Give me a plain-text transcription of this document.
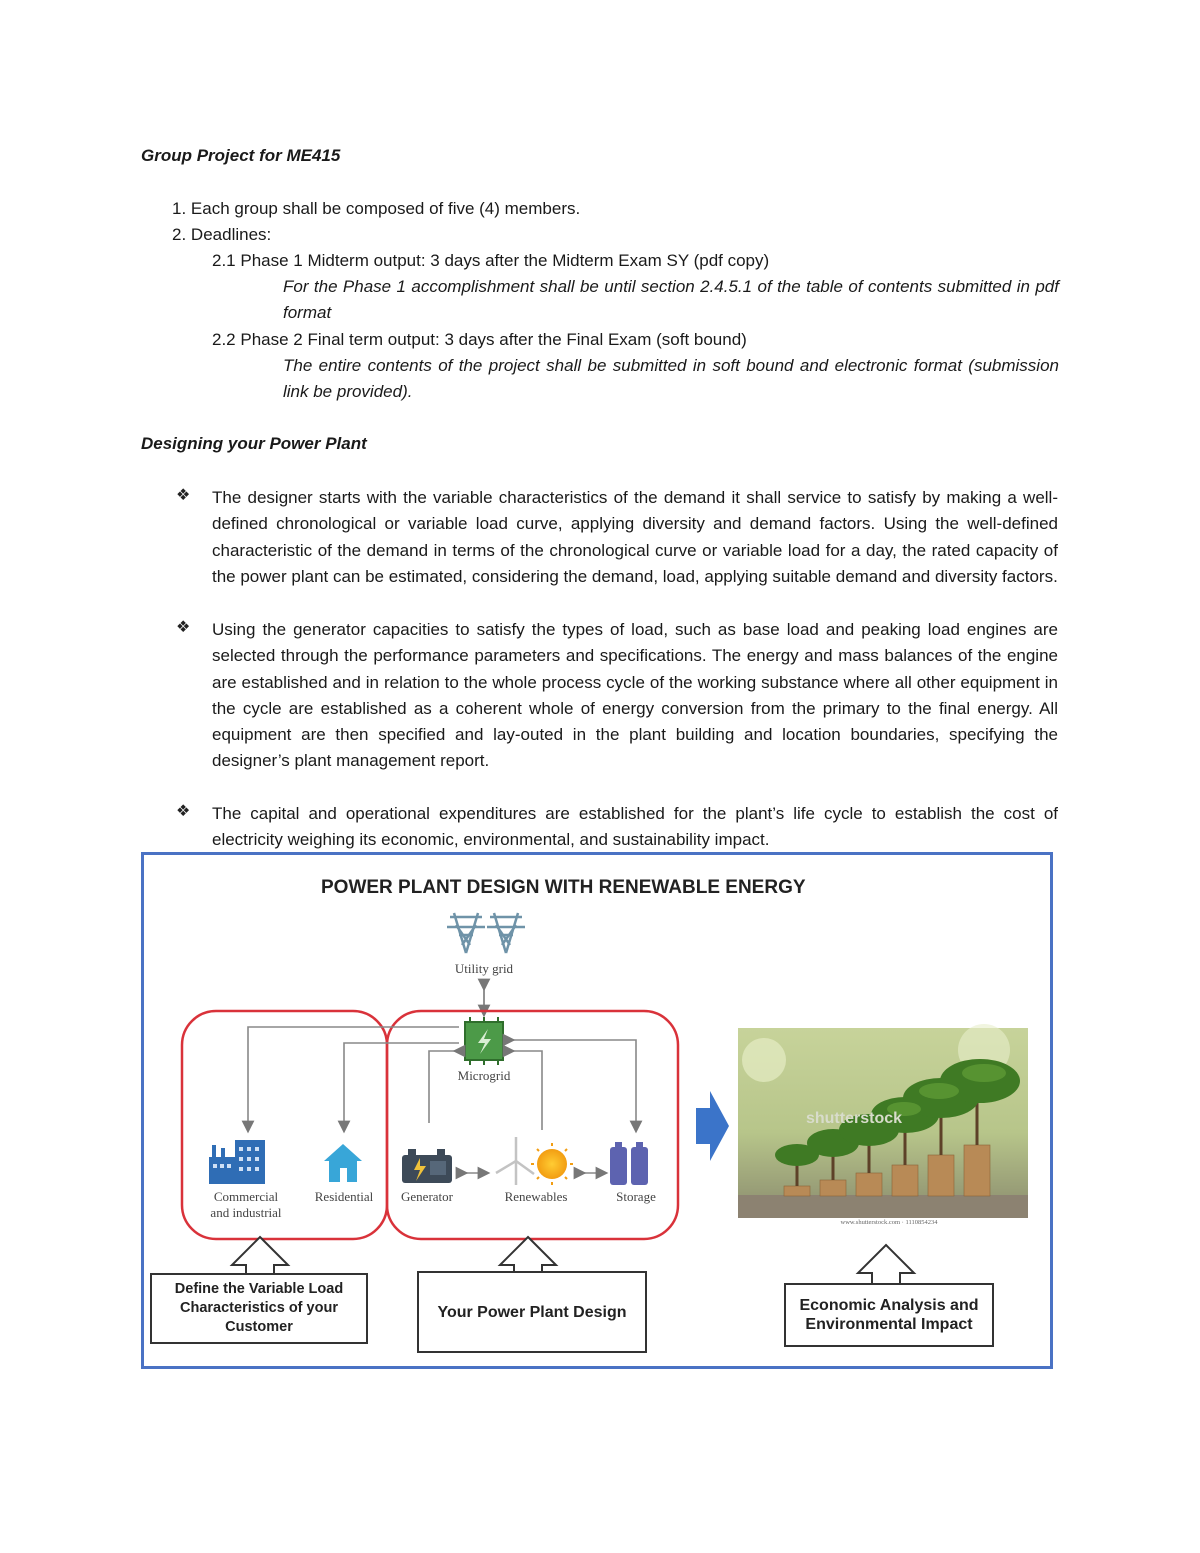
Group Project for ME415
1. Each group shall be composed of five (4) members.
2. Deadlines:
2.1 Phase 1 Midterm output: 3 days after the Midterm Exam SY (pdf copy)
For the Phase 1 accomplishment shall be until section 2.4.5.1 of the table of contents submitted in pdf format
2.2 Phase 2 Final term output: 3 days after the Final Exam (soft bound)
The entire contents of the project shall be submitted in soft bound and electronic format (submission link be provided).
Designing your Power Plant
❖ The designer starts with the variable characteristics of the demand it shall service to satisfy by making a well-defined chronological or variable load curve, applying diversity and demand factors. Using the well-defined characteristic of the demand in terms of the chronological curve or variable load for a day, the rated capacity of the power plant can be estimated, considering the demand, load, applying suitable demand and diversity factors.
❖ Using the generator capacities to satisfy the types of load, such as base load and peaking load engines are selected through the performance parameters and specifications. The energy and mass balances of the engine are established and in relation to the whole process cycle of the working substance where all other equipment in the cycle are established as a coherent whole of energy conversion from the primary to the final energy. All equipment are then specified and lay-outed in the plant building and location boundaries, specifying the designer’s plant management report.
❖ The capital and operational expenditures are established for the plant’s life cycle to establish the cost of electricity weighing its economic, environmental, and sustainability impact.
POWER PLANT DESIGN WITH RENEWABLE ENERGY
Utility grid
Microgrid
Commercial
and industrial
Residential	Generator	Renewables	Storage
shutterstock
www.shutterstock.com · 1110854234
Define the Variable Load Characteristics of your Customer
Your Power Plant Design	Economic Analysis and Environmental Impact
